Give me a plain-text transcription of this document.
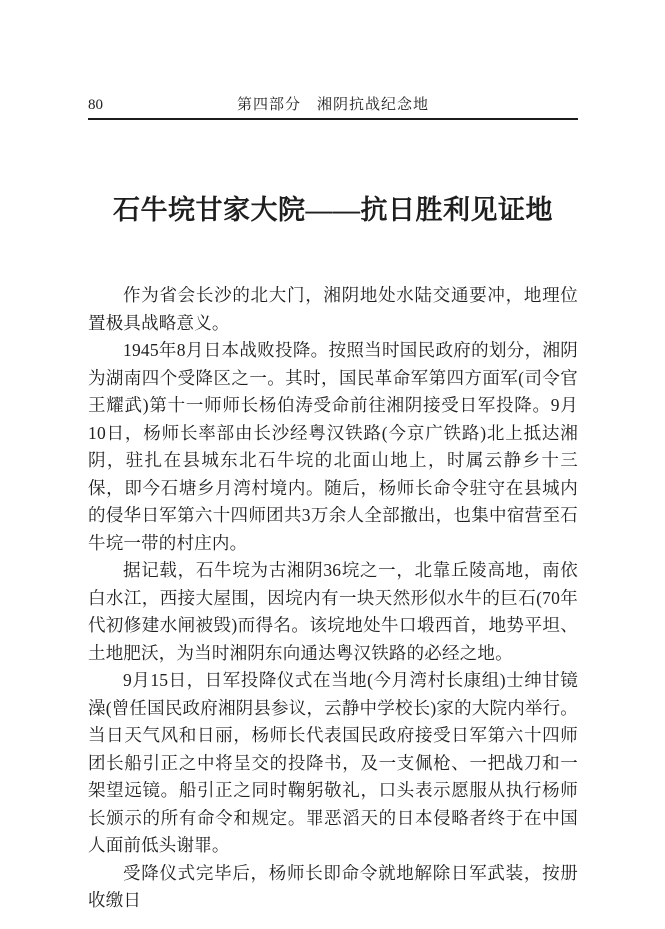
80	第四部分　湘阴抗战纪念地
石牛垸甘家大院——抗日胜利见证地

作为省会长沙的北大门，湘阴地处水陆交通要冲，地理位置极具战略意义。

1945年8月日本战败投降。按照当时国民政府的划分，湘阴为湖南四个受降区之一。其时，国民革命军第四方面军(司令官王耀武)第十一师师长杨伯涛受命前往湘阴接受日军投降。9月10日，杨师长率部由长沙经粤汉铁路(今京广铁路)北上抵达湘阴，驻扎在县城东北石牛垸的北面山地上，时属云静乡十三保，即今石塘乡月湾村境内。随后，杨师长命令驻守在县城内的侵华日军第六十四师团共3万余人全部撤出，也集中宿营至石牛垸一带的村庄内。

据记载，石牛垸为古湘阴36垸之一，北靠丘陵高地，南依白水江，西接大屋围，因垸内有一块天然形似水牛的巨石(70年代初修建水闸被毁)而得名。该垸地处牛口塅西首，地势平坦、土地肥沃，为当时湘阴东向通达粤汉铁路的必经之地。

9月15日，日军投降仪式在当地(今月湾村长康组)士绅甘镜澡(曾任国民政府湘阴县参议，云静中学校长)家的大院内举行。当日天气风和日丽，杨师长代表国民政府接受日军第六十四师团长船引正之中将呈交的投降书，及一支佩枪、一把战刀和一架望远镜。船引正之同时鞠躬敬礼，口头表示愿服从执行杨师长颁示的所有命令和规定。罪恶滔天的日本侵略者终于在中国人面前低头谢罪。

受降仪式完毕后，杨师长即命令就地解除日军武装，按册收缴日
